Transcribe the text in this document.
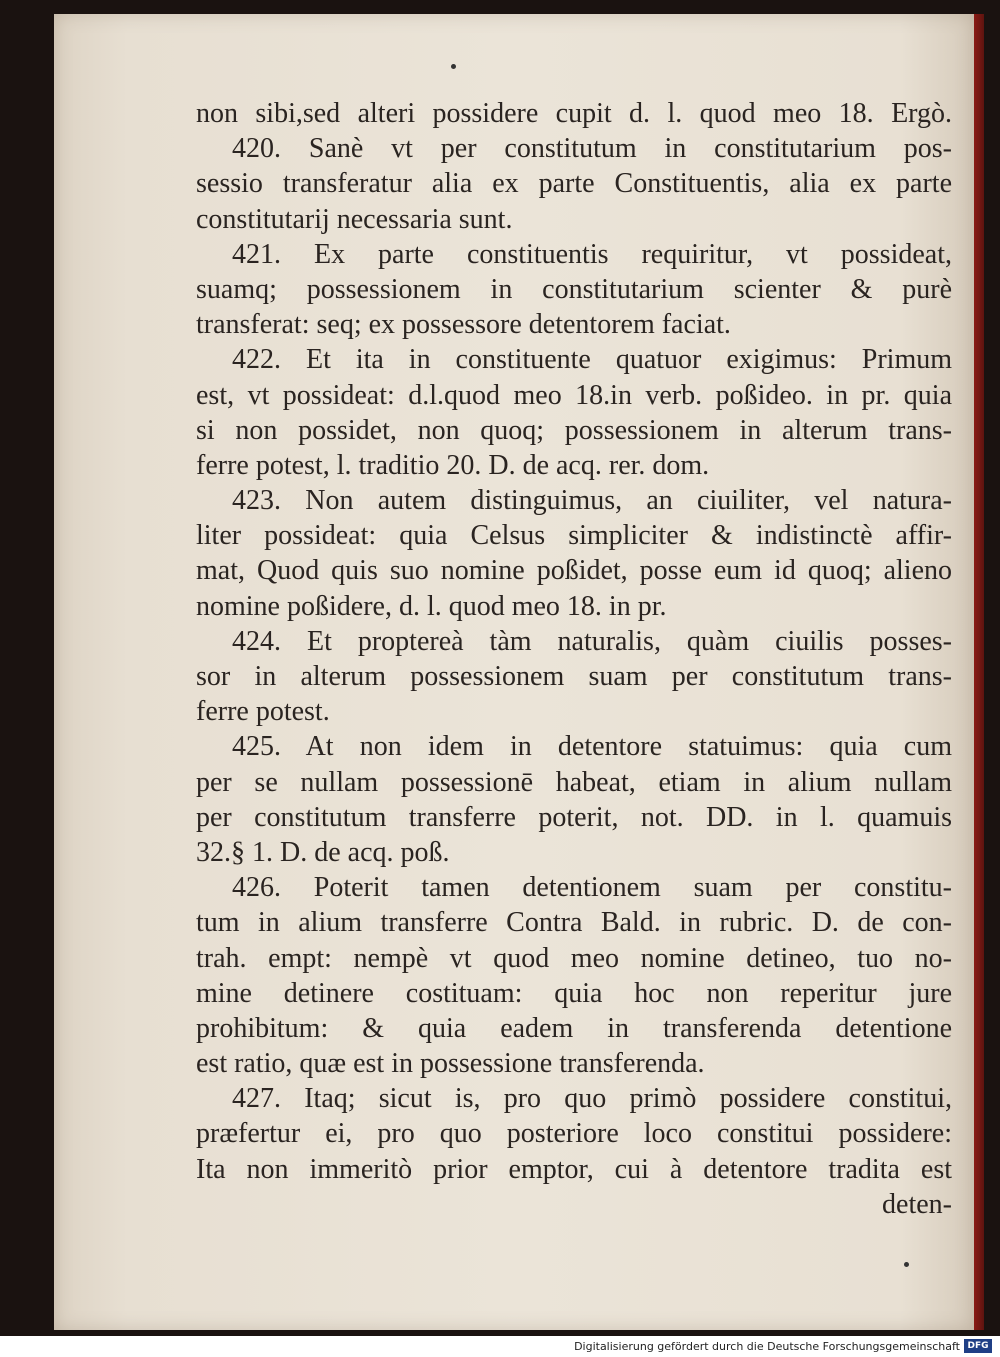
non sibi,sed alteri possidere cupit d. l. quod meo 18. Ergò.
420. Sanè vt per constitutum in constitutarium pos-
sessio transferatur alia ex parte Constituentis, alia ex parte
constitutarij necessaria sunt.
421. Ex parte constituentis requiritur, vt possideat,
suamq; possessionem in constitutarium scienter & purè
transferat: seq; ex possessore detentorem faciat.
422. Et ita in constituente quatuor exigimus: Primum
est, vt possideat: d.l.quod meo 18.in verb. poßideo. in pr. quia
si non possidet, non quoq; possessionem in alterum trans-
ferre potest, l. traditio 20. D. de acq. rer. dom.
423. Non autem distinguimus, an ciuiliter, vel natura-
liter possideat: quia Celsus simpliciter & indistinctè affir-
mat, Quod quis suo nomine poßidet, posse eum id quoq; alieno
nomine poßidere, d. l. quod meo 18. in pr.
424. Et proptereà tàm naturalis, quàm ciuilis posses-
sor in alterum possessionem suam per constitutum trans-
ferre potest.
425. At non idem in detentore statuimus: quia cum
per se nullam possessionē habeat, etiam in alium nullam
per constitutum transferre poterit, not. DD. in l. quamuis
32.§ 1. D. de acq. poß.
426. Poterit tamen detentionem suam per constitu-
tum in alium transferre Contra Bald. in rubric. D. de con-
trah. empt: nempè vt quod meo nomine detineo, tuo no-
mine detinere costituam: quia hoc non reperitur jure
prohibitum: & quia eadem in transferenda detentione
est ratio, quæ est in possessione transferenda.
427. Itaq; sicut is, pro quo primò possidere constitui,
præfertur ei, pro quo posteriore loco constitui possidere:
Ita non immeritò prior emptor, cui à detentore tradita est
deten-
Digitalisierung gefördert durch die Deutsche Forschungsgemeinschaft DFG
